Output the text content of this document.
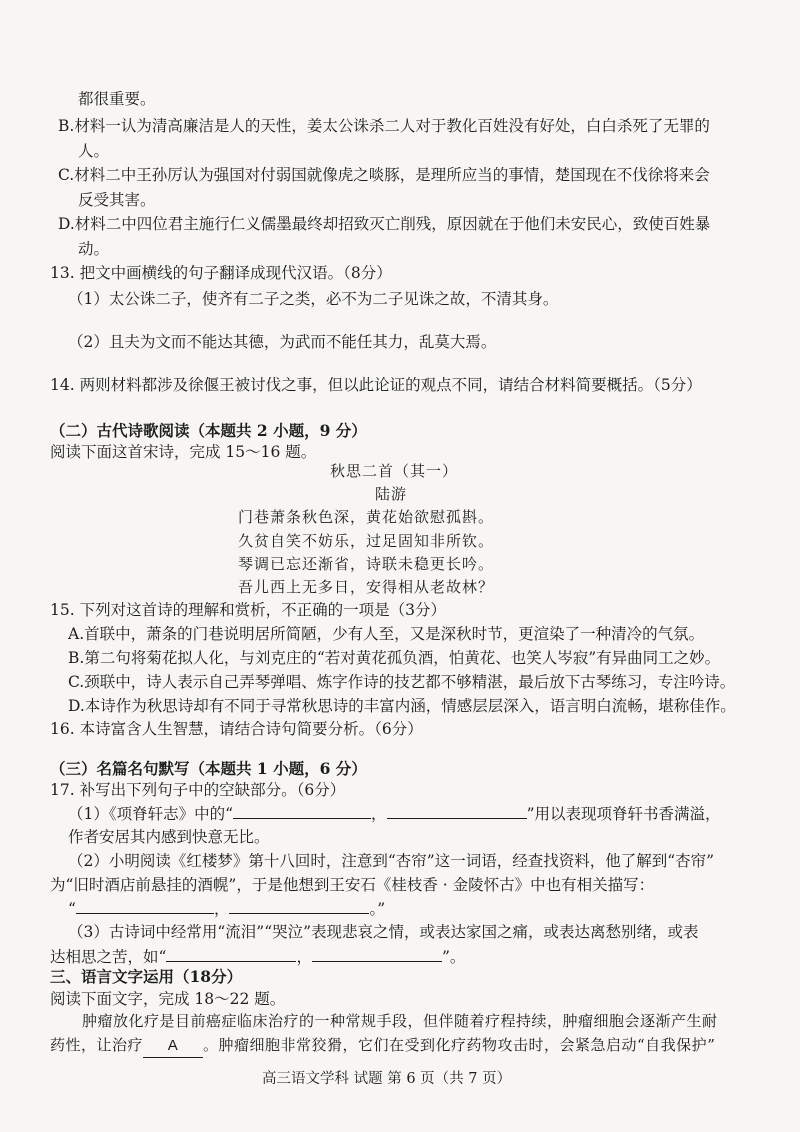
都很重要。
B.材料一认为清高廉洁是人的天性，姜太公诛杀二人对于教化百姓没有好处，白白杀死了无罪的
人。
C.材料二中王孙厉认为强国对付弱国就像虎之啖豚，是理所应当的事情，楚国现在不伐徐将来会
反受其害。
D.材料二中四位君主施行仁义儒墨最终却招致灭亡削残，原因就在于他们未安民心，致使百姓暴
动。
13. 把文中画横线的句子翻译成现代汉语。（8分）
（1）太公诛二子，使齐有二子之类，必不为二子见诛之故，不清其身。
（2）且夫为文而不能达其德，为武而不能任其力，乱莫大焉。
14. 两则材料都涉及徐偃王被讨伐之事，但以此论证的观点不同，请结合材料简要概括。（5分）
（二）古代诗歌阅读（本题共 2 小题，9 分）
阅读下面这首宋诗，完成 15～16 题。
秋思二首（其一）
陆游
门巷萧条秋色深，黄花始欲慰孤斟。
久贫自笑不妨乐，过足固知非所钦。
琴调已忘还渐省，诗联未稳更长吟。
吾儿西上无多日，安得相从老故林？
15. 下列对这首诗的理解和赏析，不正确的一项是（3分）
A.首联中，萧条的门巷说明居所简陋，少有人至，又是深秋时节，更渲染了一种清冷的气氛。
B.第二句将菊花拟人化，与刘克庄的“若对黄花孤负酒，怕黄花、也笑人岑寂”有异曲同工之妙。
C.颈联中，诗人表示自己弄琴弹唱、炼字作诗的技艺都不够精湛，最后放下古琴练习，专注吟诗。
D.本诗作为秋思诗却有不同于寻常秋思诗的丰富内涵，情感层层深入，语言明白流畅，堪称佳作。
16. 本诗富含人生智慧，请结合诗句简要分析。（6分）
（三）名篇名句默写（本题共 1 小题，6 分）
17. 补写出下列句子中的空缺部分。（6分）
（1）《项脊轩志》中的“	，	”用以表现项脊轩书香满溢，
作者安居其内感到快意无比。
（2）小明阅读《红楼梦》第十八回时，注意到“杏帘”这一词语，经查找资料，他了解到“杏帘”
为“旧时酒店前悬挂的酒幌”，于是他想到王安石《桂枝香 · 金陵怀古》中也有相关描写：
“	，	。”
（3）古诗词中经常用“流泪”“哭泣”表现悲哀之情，或表达家国之痛，或表达离愁别绪，或表
达相思之苦，如“	，	”。
三、语言文字运用（18分）
阅读下面文字，完成 18～22 题。
肿瘤放化疗是目前癌症临床治疗的一种常规手段，但伴随着疗程持续，肿瘤细胞会逐渐产生耐
药性，让治疗 A 。肿瘤细胞非常狡猾，它们在受到化疗药物攻击时，会紧急启动“自我保护”
高三语文学科 试题 第 6 页（共 7 页）
